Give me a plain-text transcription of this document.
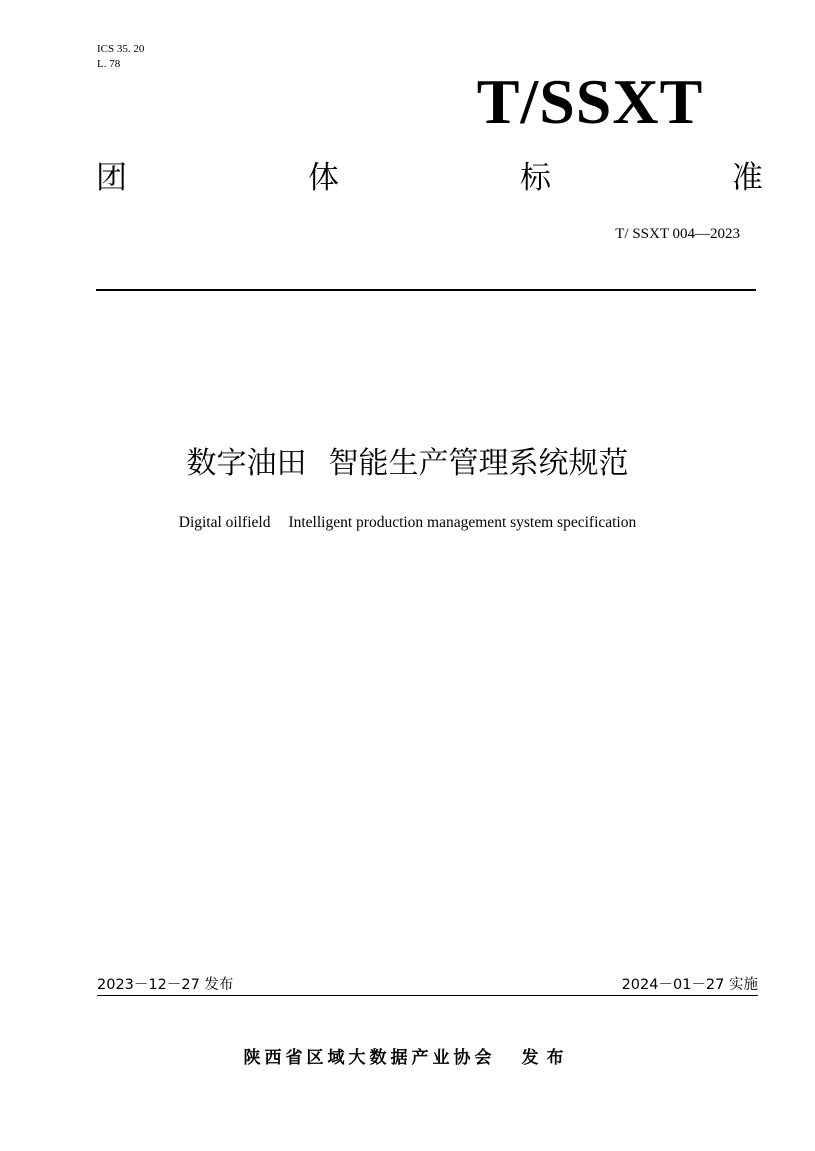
ICS 35. 20
L. 78
T/SSXT
团	体	标	准
T/ SSXT 004—2023
数字油田 智能生产管理系统规范
Digital oilfield Intelligent production management system specification
2023－12－27 发布	2024－01－27 实施
陕西省区域大数据产业协会 发布
